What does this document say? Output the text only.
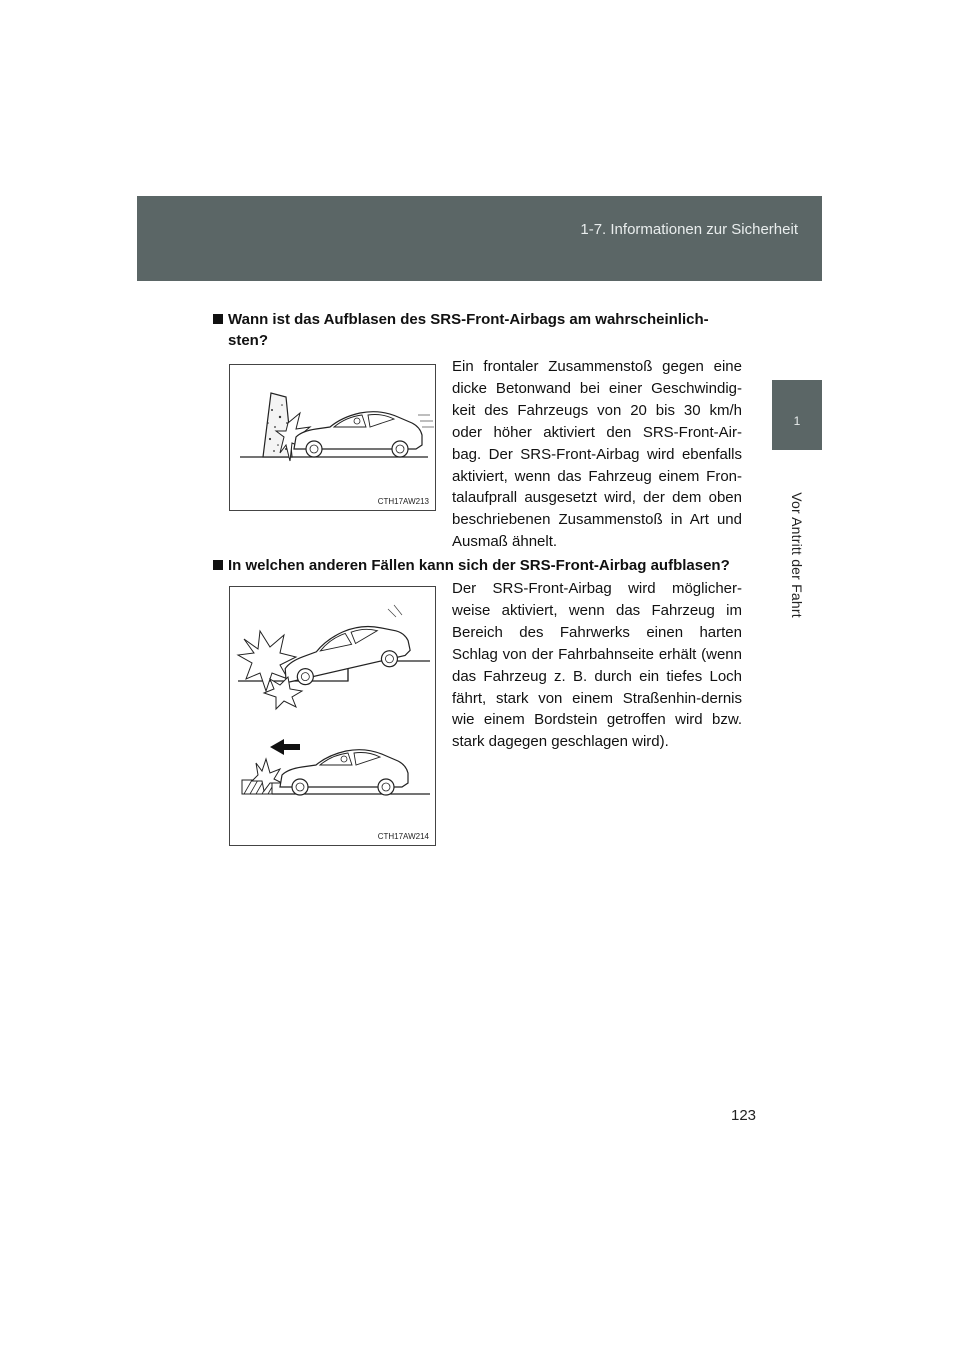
1-7. Informationen zur Sicherheit
1
Vor Antritt der Fahrt
Wann ist das Aufblasen des SRS-Front-Airbags am wahrscheinlich-
sten?
CTH17AW213

Ein frontaler Zusammenstoß gegen eine dicke Betonwand bei einer Geschwindig-keit des Fahrzeugs von 20 bis 30 km/h oder höher aktiviert den SRS-Front-Air-bag. Der SRS-Front-Airbag wird ebenfalls aktiviert, wenn das Fahrzeug einem Fron-talaufprall ausgesetzt wird, der dem oben beschriebenen Zusammenstoß in Art und Ausmaß ähnelt.

In welchen anderen Fällen kann sich der SRS-Front-Airbag aufblasen?
CTH17AW214

Der SRS-Front-Airbag wird möglicher-weise aktiviert, wenn das Fahrzeug im Bereich des Fahrwerks einen harten Schlag von der Fahrbahnseite erhält (wenn das Fahrzeug z. B. durch ein tiefes Loch fährt, stark von einem Straßenhin-dernis wie einem Bordstein getroffen wird bzw. stark dagegen geschlagen wird).

123
